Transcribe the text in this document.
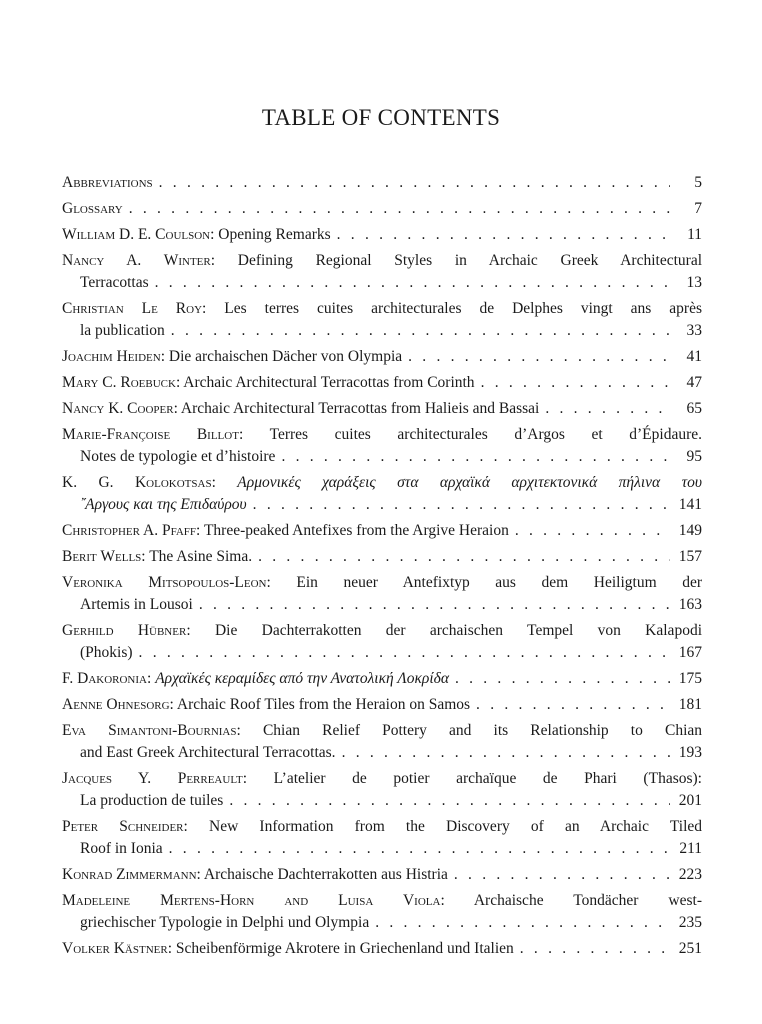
TABLE OF CONTENTS
Abbreviations . . .	5
Glossary . . .	7
William D. E. Coulson: Opening Remarks . . .	11
Nancy A. Winter: Defining Regional Styles in Archaic Greek Architectural
Terracottas . . .	13
Christian Le Roy: Les terres cuites architecturales de Delphes vingt ans après
la publication . . .	33
Joachim Heiden: Die archaischen Dächer von Olympia . . .	41
Mary C. Roebuck: Archaic Architectural Terracottas from Corinth . . .	47
Nancy K. Cooper: Archaic Architectural Terracottas from Halieis and Bassai . . .	65
Marie-Françoise Billot: Terres cuites architecturales d’Argos et d’Épidaure.
Notes de typologie et d’histoire . . .	95
K. G. Kolokotsas: Αρμονικές χαράξεις στα αρχαϊκά αρχιτεκτονικά πήλινα του
῎Αργους και της Επιδαύρου . . .	141
Christopher A. Pfaff: Three-peaked Antefixes from the Argive Heraion . . .	149
Berit Wells: The Asine Sima. . . .	157
Veronika Mitsopoulos-Leon: Ein neuer Antefixtyp aus dem Heiligtum der
Artemis in Lousoi . . .	163
Gerhild Hübner: Die Dachterrakotten der archaischen Tempel von Kalapodi
(Phokis) . . .	167
F. Dakoronia: Αρχαϊκές κεραμίδες από την Ανατολική Λοκρίδα . . .	175
Aenne Ohnesorg: Archaic Roof Tiles from the Heraion on Samos . . .	181
Eva Simantoni-Bournias: Chian Relief Pottery and its Relationship to Chian
and East Greek Architectural Terracottas. . . .	193
Jacques Y. Perreault: L’atelier de potier archaïque de Phari (Thasos):
La production de tuiles . . .	201
Peter Schneider: New Information from the Discovery of an Archaic Tiled
Roof in Ionia . . .	211
Konrad Zimmermann: Archaische Dachterrakotten aus Histria . . .	223
Madeleine Mertens-Horn and Luisa Viola: Archaische Tondächer west-
griechischer Typologie in Delphi und Olympia . . .	235
Volker Kästner: Scheibenförmige Akrotere in Griechenland und Italien . . .	251
